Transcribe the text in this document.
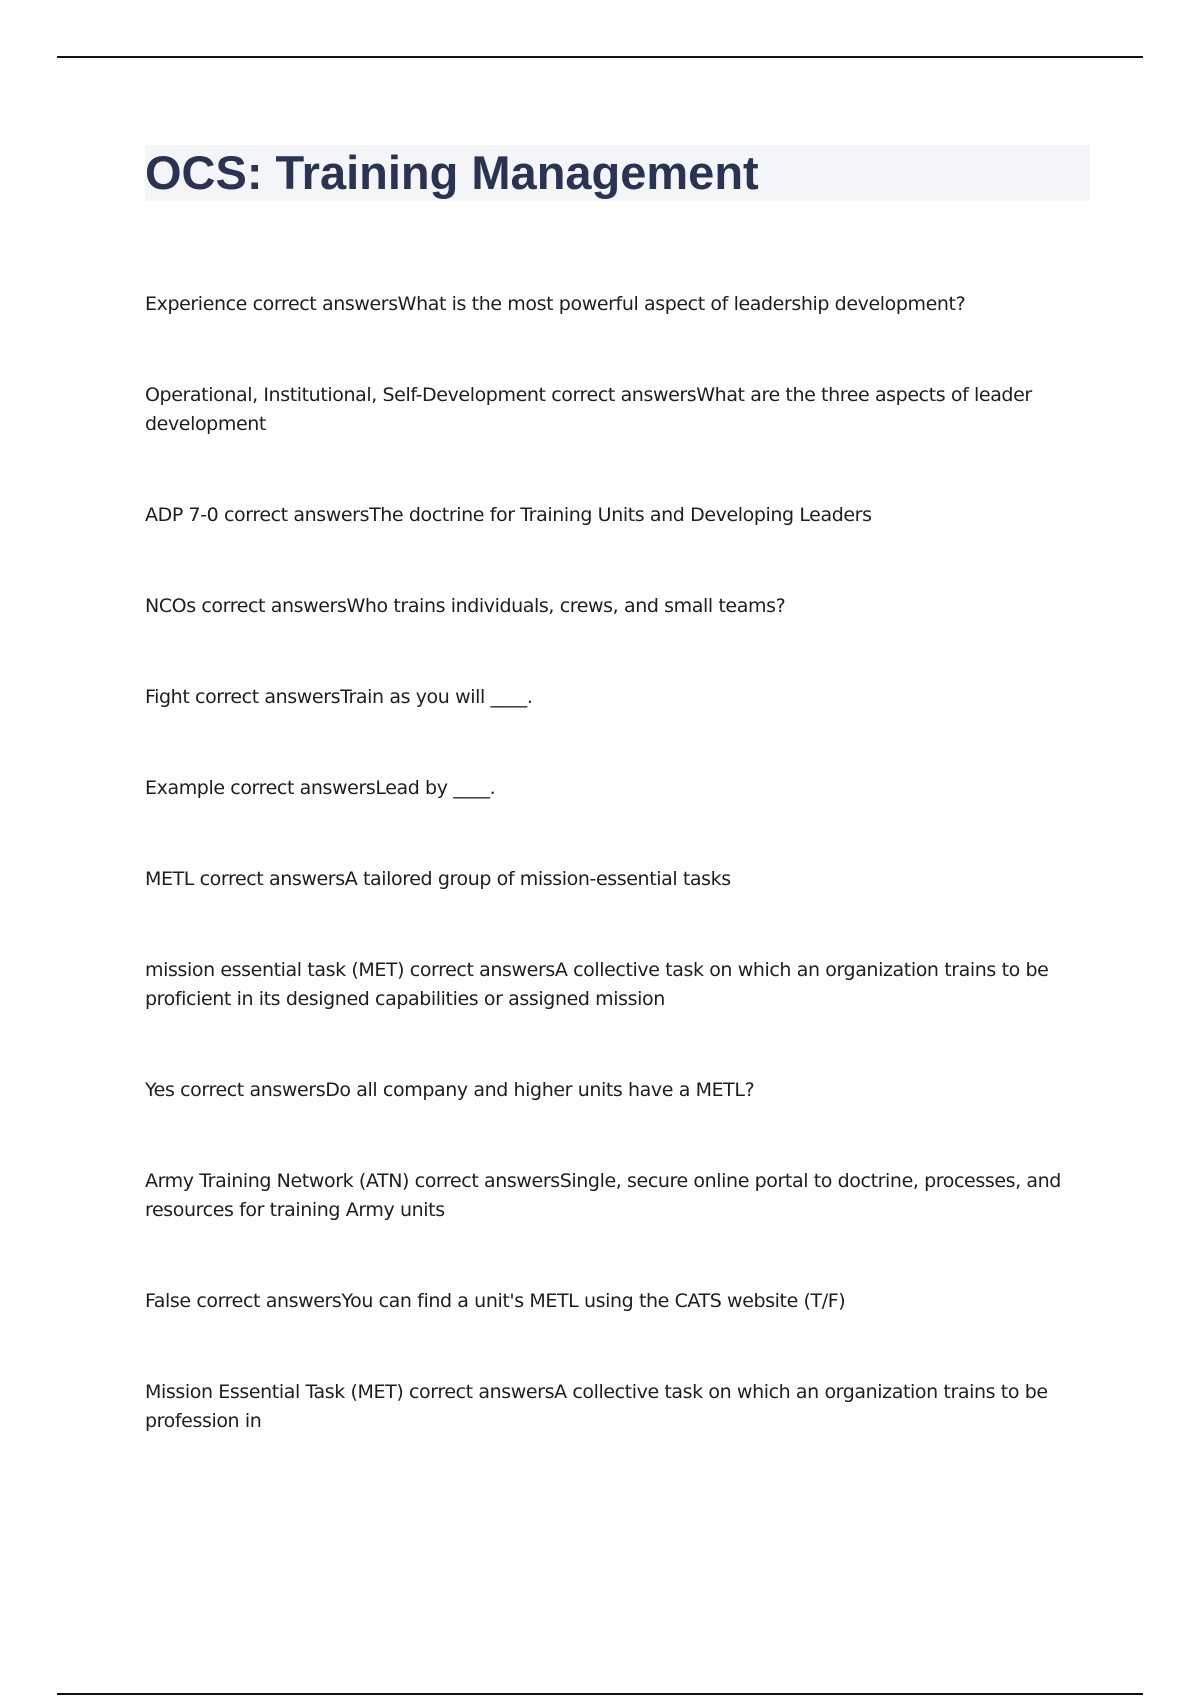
OCS: Training Management

Experience correct answersWhat is the most powerful aspect of leadership development?

Operational, Institutional, Self-Development correct answersWhat are the three aspects of leader development

ADP 7-0 correct answersThe doctrine for Training Units and Developing Leaders

NCOs correct answersWho trains individuals, crews, and small teams?

Fight correct answersTrain as you will ____.

Example correct answersLead by ____.

METL correct answersA tailored group of mission-essential tasks

mission essential task (MET) correct answersA collective task on which an organization trains to be proficient in its designed capabilities or assigned mission

Yes correct answersDo all company and higher units have a METL?

Army Training Network (ATN) correct answersSingle, secure online portal to doctrine, processes, and resources for training Army units

False correct answersYou can find a unit's METL using the CATS website (T/F)

Mission Essential Task (MET) correct answersA collective task on which an organization trains to be profession in
